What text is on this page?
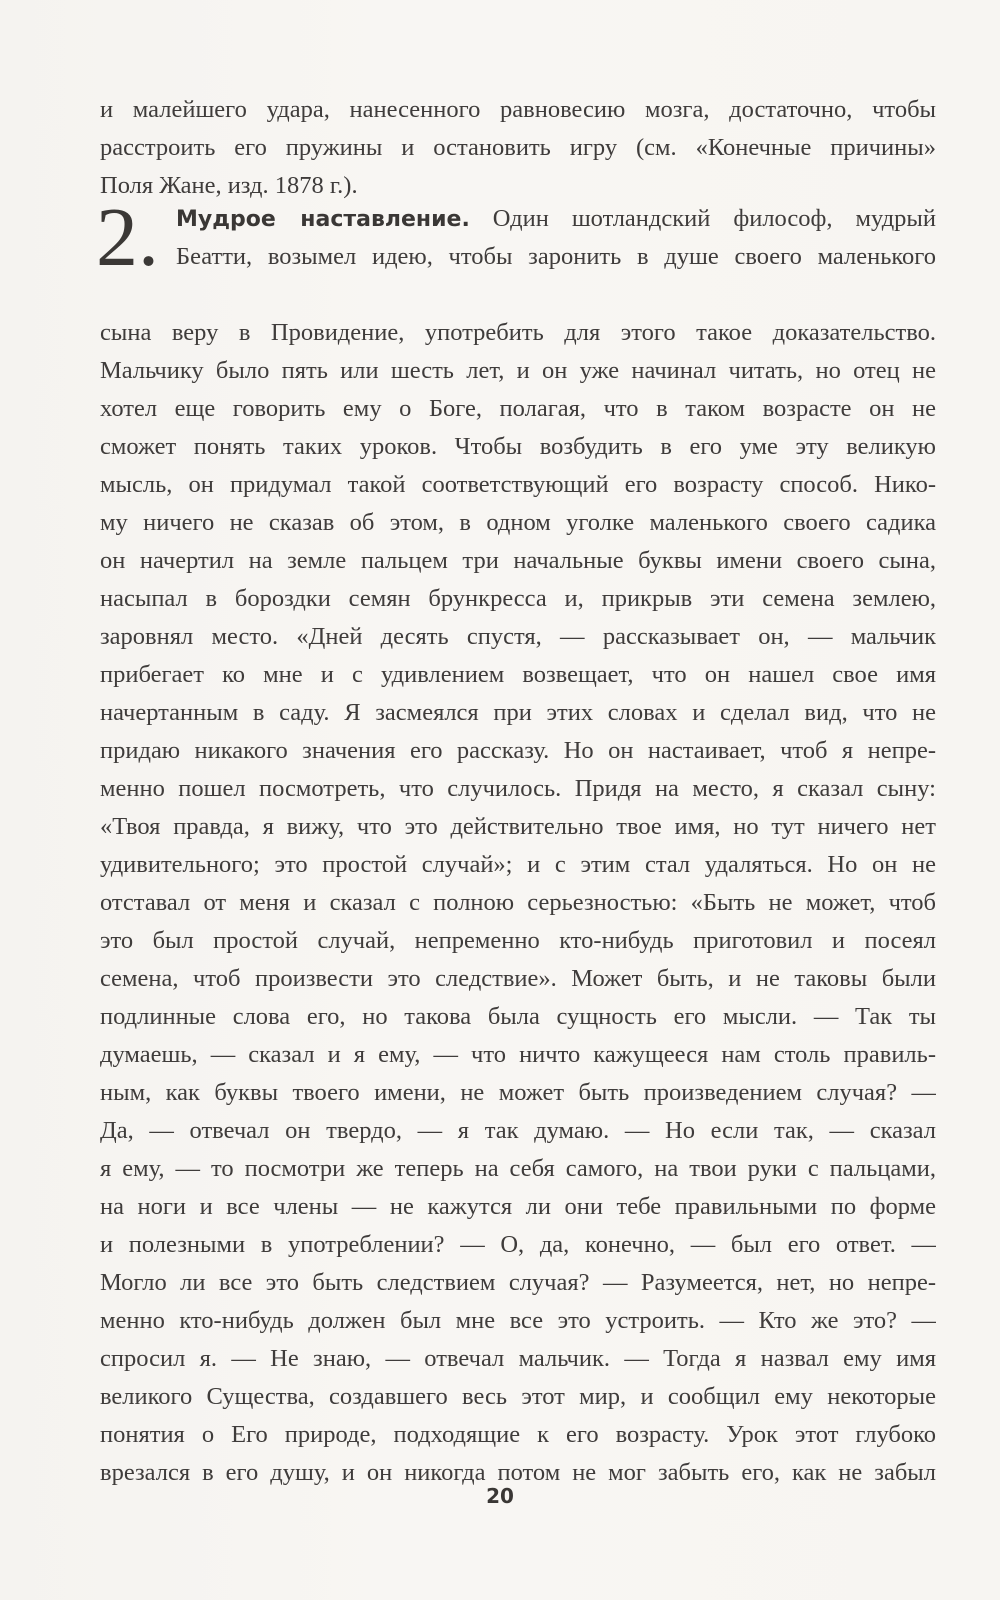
и малейшего удара, нанесенного равновесию мозга, достаточно, чтобы
расстроить его пружины и остановить игру (см. «Конечные причины»
Поля Жане, изд. 1878 г.).
2. Мудрое наставление. Один шотландский философ, мудрый
Беатти, возымел идею, чтобы заронить в душе своего маленького
сына веру в Провидение, употребить для этого такое доказательство.
Мальчику было пять или шесть лет, и он уже начинал читать, но отец не
хотел еще говорить ему о Боге, полагая, что в таком возрасте он не
сможет понять таких уроков. Чтобы возбудить в его уме эту великую
мысль, он придумал такой соответствующий его возрасту способ. Нико-
му ничего не сказав об этом, в одном уголке маленького своего садика
он начертил на земле пальцем три начальные буквы имени своего сына,
насыпал в бороздки семян брункресса и, прикрыв эти семена землею,
заровнял место. «Дней десять спустя, — рассказывает он, — мальчик
прибегает ко мне и с удивлением возвещает, что он нашел свое имя
начертанным в саду. Я засмеялся при этих словах и сделал вид, что не
придаю никакого значения его рассказу. Но он настаивает, чтоб я непре-
менно пошел посмотреть, что случилось. Придя на место, я сказал сыну:
«Твоя правда, я вижу, что это действительно твое имя, но тут ничего нет
удивительного; это простой случай»; и с этим стал удаляться. Но он не
отставал от меня и сказал с полною серьезностью: «Быть не может, чтоб
это был простой случай, непременно кто-нибудь приготовил и посеял
семена, чтоб произвести это следствие». Может быть, и не таковы были
подлинные слова его, но такова была сущность его мысли. — Так ты
думаешь, — сказал и я ему, — что ничто кажущееся нам столь правиль-
ным, как буквы твоего имени, не может быть произведением случая? —
Да, — отвечал он твердо, — я так думаю. — Но если так, — сказал
я ему, — то посмотри же теперь на себя самого, на твои руки с пальцами,
на ноги и все члены — не кажутся ли они тебе правильными по форме
и полезными в употреблении? — О, да, конечно, — был его ответ. —
Могло ли все это быть следствием случая? — Разумеется, нет, но непре-
менно кто-нибудь должен был мне все это устроить. — Кто же это? —
спросил я. — Не знаю, — отвечал мальчик. — Тогда я назвал ему имя
великого Существа, создавшего весь этот мир, и сообщил ему некоторые
понятия о Его природе, подходящие к его возрасту. Урок этот глубоко
врезался в его душу, и он никогда потом не мог забыть его, как не забыл
20
